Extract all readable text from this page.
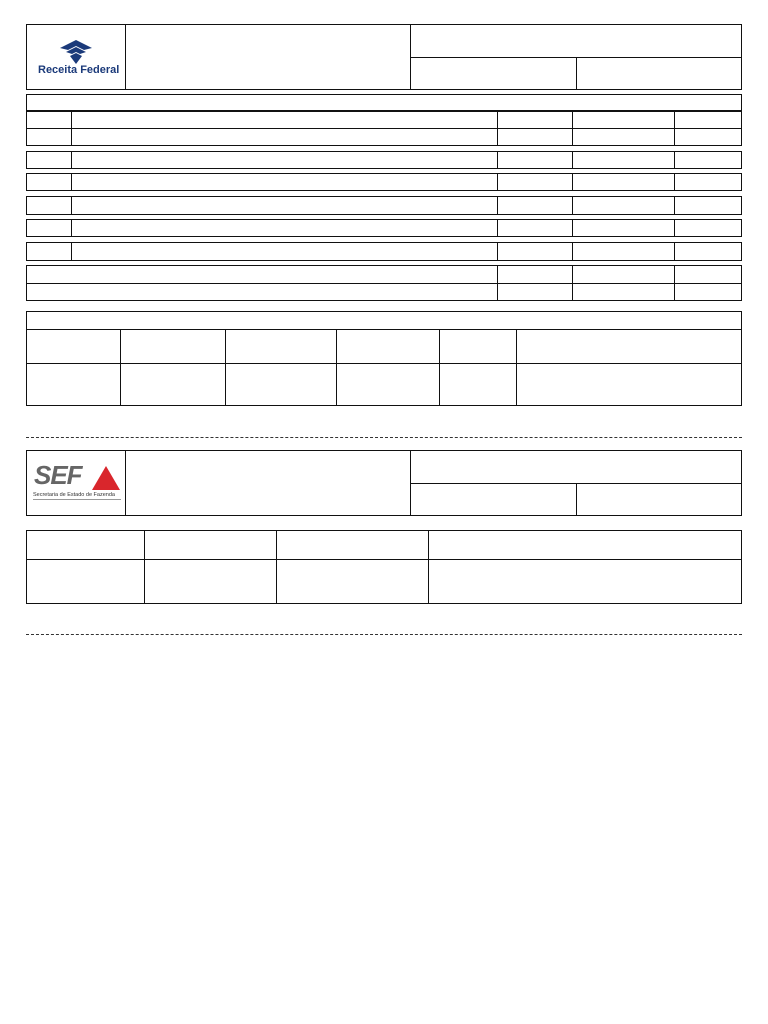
Receita Federal
SEF
Secretaria de Estado de Fazenda
